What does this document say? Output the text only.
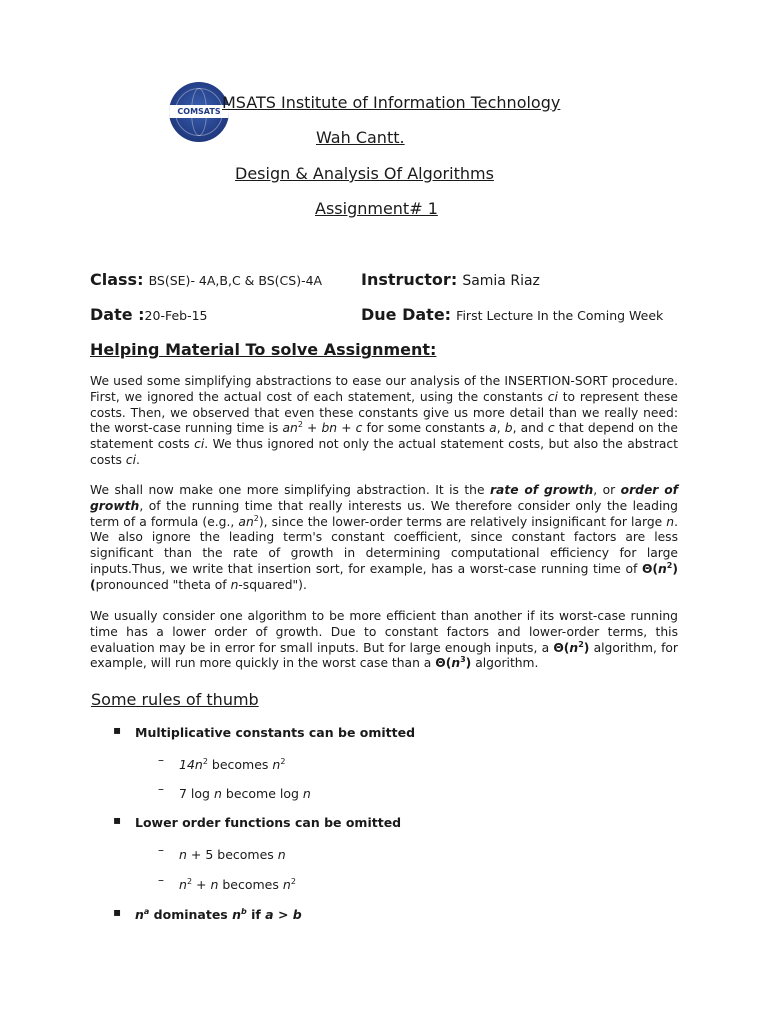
COMSATS MSATS Institute of Information Technology
Wah Cantt.
Design & Analysis Of Algorithms
Assignment# 1
Class: BS(SE)- 4A,B,C & BS(CS)-4A Instructor: Samia Riaz
Date :20-Feb-15	Due Date: First Lecture In the Coming Week
Helping Material To solve Assignment:
We used some simplifying abstractions to ease our analysis of the INSERTION-SORT procedure. First, we ignored the actual cost of each statement, using the constants ci to represent these costs. Then, we observed that even these constants give us more detail than we really need: the worst-case running time is $an^2$ + bn + c for some constants a, b, and c that depend on the statement costs ci. We thus ignored not only the actual statement costs, but also the abstract costs ci.
We shall now make one more simplifying abstraction. It is the rate of growth, or order of growth, of the running time that really interests us. We therefore consider only the leading term of a formula (e.g., $an^2$), since the lower-order terms are relatively insignificant for large n. We also ignore the leading term's constant coefficient, since constant factors are less significant than the rate of growth in determining computational efficiency for large inputs.Thus, we write that insertion sort, for example, has a worst-case running time of $\Theta(n^2)(pronounced$ "theta of n-squared").
We usually consider one algorithm to be more efficient than another if its worst-case running time has a lower order of growth. Due to constant factors and lower-order terms, this evaluation may be in error for small inputs. But for large enough inputs, a $\Theta(n^2)$ algorithm, for example, will run more quickly in the worst case than a $\Theta(n^3)$ algorithm.
Some rules of thumb
▪ Multiplicative constants can be omitted
– $14n^2$ becomes $n^2$
– 7 log n become log n
▪ Lower order functions can be omitted
– n + 5 becomes n
– $n^2 + n$ becomes $n^2$
▪ $n^a$ dominates $n^b$ if a > b
